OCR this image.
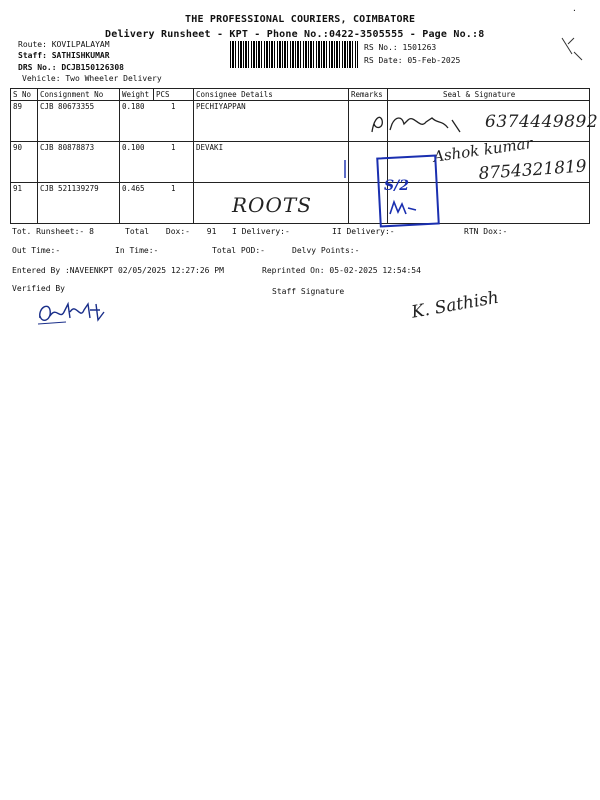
THE PROFESSIONAL COURIERS, COIMBATORE
Delivery Runsheet - KPT - Phone No.:0422-3505555 - Page No.:8
·
Route: KOVILPALAYAM
Staff: SATHISHKUMAR
DRS No.: DCJB150126308
Vehicle: Two Wheeler Delivery
RS No.: 1501263
RS Date: 05-Feb-2025
S No	Consignment No	Weight	PCS	Consignee Details	Remarks	Seal & Signature
89	CJB 80673355	0.180	1	PECHIYAPPAN		
90	CJB 80878873	0.100	1	DEVAKI		
91	CJB 521139279	0.465	1			
6374449892
Ashok kumar
8754321819
S/2
ROOTS
Tot. Runsheet:- 8	Total Dox:- 91 I Delivery:-	II Delivery:-	RTN Dox:-
Out Time:-	In Time:-	Total POD:-	Delvy Points:-
Entered By :NAVEENKPT 02/05/2025 12:27:26 PM	Reprinted On: 05-02-2025 12:54:54
Verified By	Staff Signature	K. Sathish
